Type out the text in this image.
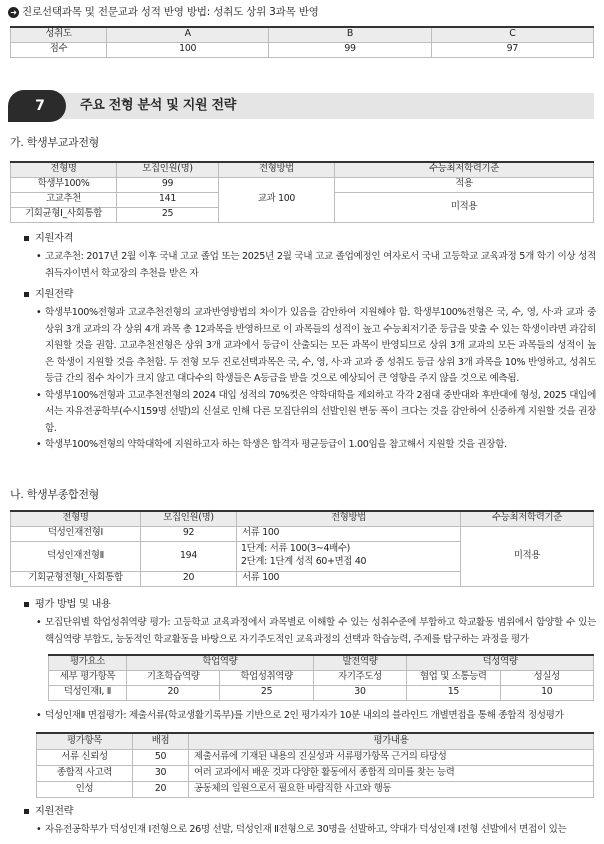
➜ 진로선택과목 및 전문교과 성적 반영 방법: 성취도 상위 3과목 반영
성취도	A	B	C
점수	100	99	97
7	주요 전형 분석 및 지원 전략
가. 학생부교과전형
전형명	모집인원(명)	전형방법	수능최저학력기준
학생부100%	99	교과 100	적용
고교추천	141		미적용
기회균형Ⅰ_사회통합	25		
지원자격
• 고교추천: 2017년 2월 이후 국내 고교 졸업 또는 2025년 2월 국내 고교 졸업예정인 여자로서 국내 고등학교 교육과정 5개 학기 이상 성적 취득자이면서 학교장의 추천을 받은 자
지원전략
• 학생부100%전형과 고교추천전형의 교과반영방법의 차이가 있음을 감안하여 지원해야 함. 학생부100%전형은 국, 수, 영, 사·과 교과 중 상위 3개 교과의 각 상위 4개 과목 총 12과목을 반영하므로 이 과목들의 성적이 높고 수능최저기준 등급을 맞출 수 있는 학생이라면 과감히 지원할 것을 권함. 고교추천전형은 상위 3개 교과에서 등급이 산출되는 모든 과목이 반영되므로 상위 3개 교과의 모든 과목들의 성적이 높은 학생이 지원할 것을 추천함. 두 전형 모두 진로선택과목은 국, 수, 영, 사·과 교과 중 성취도 등급 상위 3개 과목을 10% 반영하고, 성취도 등급 간의 점수 차이가 크지 않고 대다수의 학생들은 A등급을 받을 것으로 예상되어 큰 영향을 주지 않을 것으로 예측됨.
• 학생부100%전형과 고교추천전형의 2024 대입 성적의 70%컷은 약학대학을 제외하고 각각 2점대 중반대와 후반대에 형성, 2025 대입에서는 자유전공학부(수시159명 선발)의 신설로 인해 다른 모집단위의 선발인원 변동 폭이 크다는 것을 감안하여 신중하게 지원할 것을 권장함.
• 학생부100%전형의 약학대학에 지원하고자 하는 학생은 합격자 평균등급이 1.00임을 참고해서 지원할 것을 권장함.
나. 학생부종합전형
전형명	모집인원(명)	전형방법	수능최저학력기준
덕성인재전형Ⅰ	92	서류 100	미적용
덕성인재전형Ⅱ	194	1단계: 서류 100(3~4배수)
2단계: 1단계 성적 60+면접 40	

기회균형전형Ⅰ_사회통합	20	서류 100	
평가 방법 및 내용
• 모집단위별 학업성취역량 평가: 고등학교 교육과정에서 과목별로 이해할 수 있는 성취수준에 부합하고 학교활동 범위에서 함양할 수 있는 핵심역량 부합도, 능동적인 학교활동을 바탕으로 자기주도적인 교육과정의 선택과 학습능력, 주제를 탐구하는 과정을 평가
평가요소	학업역량		발전역량	덕성역량	
세부 평가항목	기초학습역량	학업성취역량	자기주도성	협업 및 소통능력	성실성
덕성인재Ⅰ, Ⅱ	20	25	30	15	10
• 덕성인재Ⅱ 면접평가: 제출서류(학교생활기록부)를 기반으로 2인 평가자가 10분 내외의 블라인드 개별면접을 통해 종합적 정성평가
평가항목	배점	평가내용
서류 신뢰성	50	제출서류에 기재된 내용의 진실성과 서류평가항목 근거의 타당성
종합적 사고력	30	여러 교과에서 배운 것과 다양한 활동에서 종합적 의미를 찾는 능력
인성	20	공동체의 일원으로서 필요한 바람직한 사고와 행동
지원전략
• 자유전공학부가 덕성인재 Ⅰ전형으로 26명 선발, 덕성인재 Ⅱ전형으로 30명을 선발하고, 약대가 덕성인재 Ⅰ전형 선발에서 면접이 있는
